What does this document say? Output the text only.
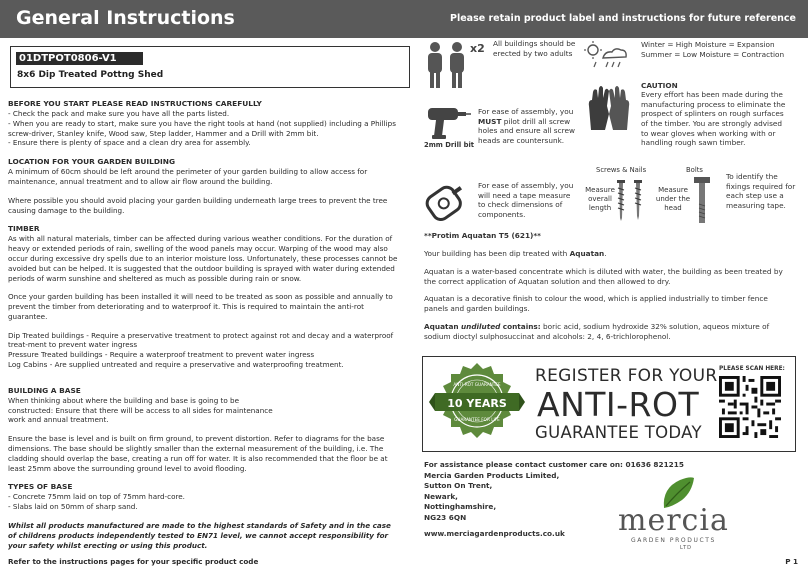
General Instructions	Please retain product label and instructions for future reference
01DTPOT0806-V1
8x6 Dip Treated Pottng Shed
BEFORE YOU START PLEASE READ INSTRUCTIONS CAREFULLY

- Check the pack and make sure you have all the parts listed.

- When you are ready to start, make sure you have the right tools at hand (not supplied) including a Phillips screw-driver, Stanley knife, Wood saw, Step ladder, Hammer and a Drill with 2mm bit.

- Ensure there is plenty of space and a clean dry area for assembly.

LOCATION FOR YOUR GARDEN BUILDING

A minimum of 60cm should be left around the perimeter of your garden building to allow access for maintenance, annual treatment and to allow air flow around the building.

Where possible you should avoid placing your garden building underneath large trees to prevent the tree causing damage to the building.

TIMBER

As with all natural materials, timber can be affected during various weather conditions. For the duration of heavy or extended periods of rain, swelling of the wood panels may occur. Warping of the wood may also occur during excessive dry spells due to an interior moisture loss. Unfortunately, these processes cannot be avoided but can be helped. It is suggested that the outdoor building is sprayed with water during extended periods of warm sunshine and sheltered as much as possible during rain or snow.

Once your garden building has been installed it will need to be treated as soon as possible and annually to prevent the timber from deteriorating and to waterproof it. This is required to maintain the anti-rot guarantee.

Dip Treated buildings - Require a preservative treatment to protect against rot and decay and a waterproof treat-ment to prevent water ingress

Pressure Treated buildings - Require a waterproof treatment to prevent water ingress

Log Cabins - Are supplied untreated and require a preservative and waterproofing treatment.

BUILDING A BASE

When thinking about where the building and base is going to be constructed: Ensure that there will be access to all sides for maintenance work and annual treatment.

Ensure the base is level and is built on firm ground, to prevent distortion. Refer to diagrams for the base dimensions. The base should be slightly smaller than the external measurement of the building, i.e. The cladding should overlap the base, creating a run off for water. It is also recommended that the floor be at least 25mm above the surrounding ground level to avoid flooding.

TYPES OF BASE

- Concrete 75mm laid on top of 75mm hard-core.

- Slabs laid on 50mm of sharp sand.

Whilst all products manufactured are made to the highest standards of Safety and in the case of childrens products independently tested to EN71 level, we cannot accept responsibility for your safety whilst erecting or using this product.

Refer to the instructions pages for your specific product code	P 1
x2 All buildings should be erected by two adults
Winter = High Moisture = Expansion
Summer = Low Moisture = Contraction
CAUTION
Every effort has been made during the manufacturing process to eliminate the prospect of splinters on rough surfaces of the timber. You are strongly advised to wear gloves when working with or handling rough sawn timber.
2mm Drill bit
For ease of assembly, you
MUST pilot drill all screw holes and ensure all screw heads are countersunk.
For ease of assembly, you will need a tape measure to check dimensions of components.
Screws & Nails	Bolts
Measure overall length
Measure under the head
To identify the fixings required for each step use a measuring tape.

**Protim Aquatan T5 (621)**

Your building has been dip treated with Aquatan.

Aquatan is a water-based concentrate which is diluted with water, the building as been treated by the correct application of Aquatan solution and then allowed to dry.

Aquatan is a decorative finish to colour the wood, which is applied industrially to timber fence panels and garden buildings.

Aquatan undiluted contains: boric acid, sodium hydroxide 32% solution, aqueos mixture of sodium dioctyl sulphosuccinat and alcohols: 2, 4, 6-trichlorophenol.

10 YEARS
ANTI-ROT GUARANTEE
GUARANTEE FOR LIFE
REGISTER FOR YOUR
ANTI-ROT
GUARANTEE TODAY
PLEASE SCAN HERE:
For assistance please contact customer care on: 01636 821215
Mercia Garden Products Limited,
Sutton On Trent,
Newark,
Nottinghamshire,
NG23 6QN
www.merciagardenproducts.co.uk mercia
GARDEN PRODUCTS
LTD
